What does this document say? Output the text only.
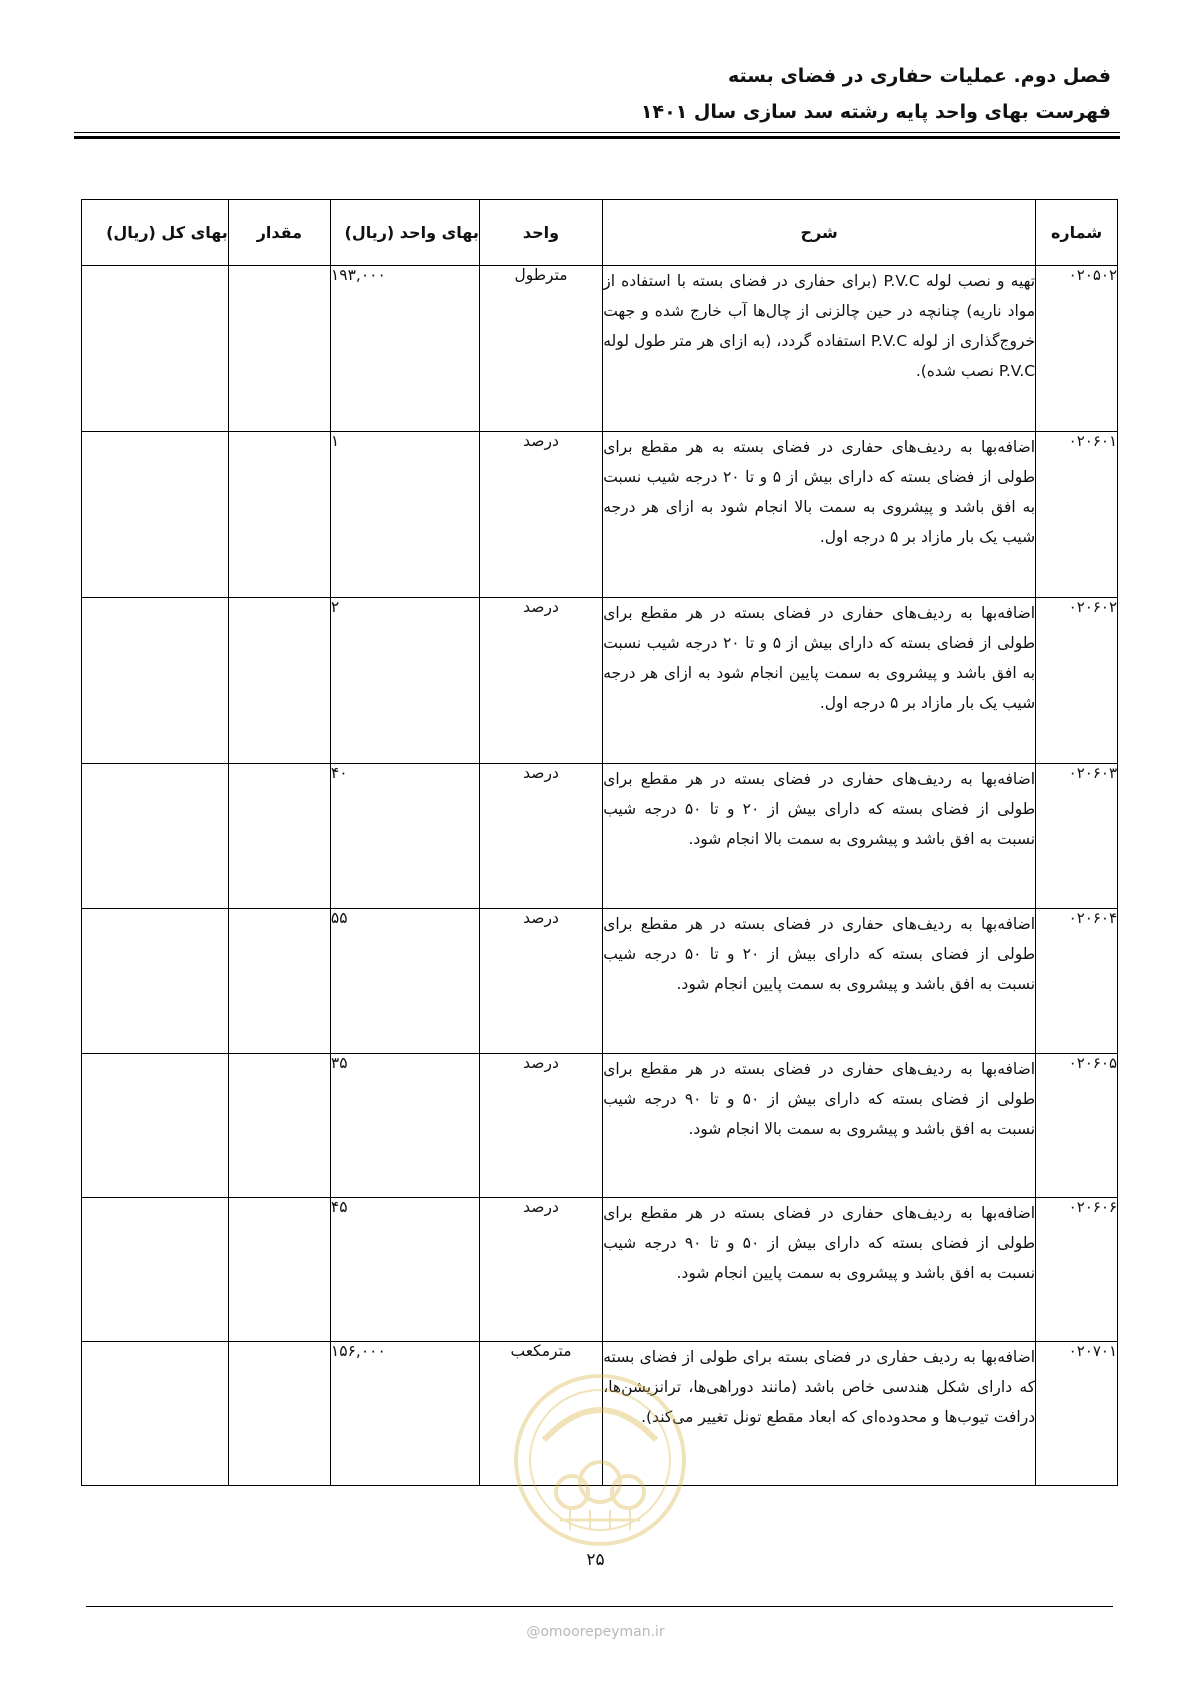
فصل دوم. عملیات حفاری در فضای بسته
فهرست بهای واحد پایه رشته سد سازی سال ۱۴۰۱
شماره	شرح	واحد	بهای واحد (ریال)	مقدار	بهای کل (ریال)
۰۲۰۵۰۲	تهیه و نصب لوله P.V.C (برای حفاری در فضای بسته با استفاده از مواد ناریه) چنانچه در حین چالزنی از چال‌ها آب خارج شده و جهت خروج‌گذاری از لوله P.V.C استفاده گردد، (به ازای هر متر طول لوله P.V.C نصب شده).	مترطول	۱۹۳,۰۰۰		
۰۲۰۶۰۱	اضافه‌بها به ردیف‌های حفاری در فضای بسته به هر مقطع برای طولی از فضای بسته که دارای بیش از ۵ و تا ۲۰ درجه شیب نسبت به افق باشد و پیشروی به سمت بالا انجام شود به ازای هر درجه شیب یک بار مازاد بر ۵ درجه اول.	درصد	۱		
۰۲۰۶۰۲	اضافه‌بها به ردیف‌های حفاری در فضای بسته در هر مقطع برای طولی از فضای بسته که دارای بیش از ۵ و تا ۲۰ درجه شیب نسبت به افق باشد و پیشروی به سمت پایین انجام شود به ازای هر درجه شیب یک بار مازاد بر ۵ درجه اول.	درصد	۲		
۰۲۰۶۰۳	اضافه‌بها به ردیف‌های حفاری در فضای بسته در هر مقطع برای طولی از فضای بسته که دارای بیش از ۲۰ و تا ۵۰ درجه شیب نسبت به افق باشد و پیشروی به سمت بالا انجام شود.	درصد	۴۰		
۰۲۰۶۰۴	اضافه‌بها به ردیف‌های حفاری در فضای بسته در هر مقطع برای طولی از فضای بسته که دارای بیش از ۲۰ و تا ۵۰ درجه شیب نسبت به افق باشد و پیشروی به سمت پایین انجام شود.	درصد	۵۵		
۰۲۰۶۰۵	اضافه‌بها به ردیف‌های حفاری در فضای بسته در هر مقطع برای طولی از فضای بسته که دارای بیش از ۵۰ و تا ۹۰ درجه شیب نسبت به افق باشد و پیشروی به سمت بالا انجام شود.	درصد	۳۵		
۰۲۰۶۰۶	اضافه‌بها به ردیف‌های حفاری در فضای بسته در هر مقطع برای طولی از فضای بسته که دارای بیش از ۵۰ و تا ۹۰ درجه شیب نسبت به افق باشد و پیشروی به سمت پایین انجام شود.	درصد	۴۵		
۰۲۰۷۰۱	اضافه‌بها به ردیف حفاری در فضای بسته برای طولی از فضای بسته که دارای شکل هندسی خاص باشد (مانند دوراهی‌ها، ترانزیشن‌ها، درافت تیوب‌ها و محدوده‌ای که ابعاد مقطع تونل تغییر می‌کند).	مترمکعب	۱۵۶,۰۰۰		
۲۵
@omoorepeyman.ir
